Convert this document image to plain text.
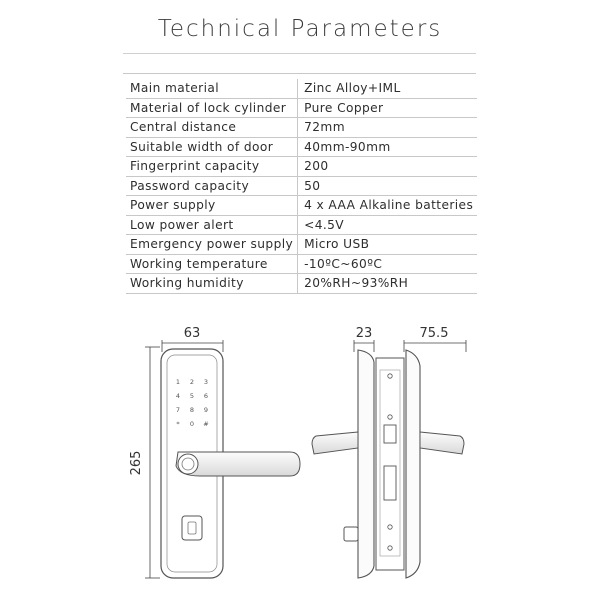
Technical Parameters
Main material	Zinc Alloy+IML
Material of lock cylinder	Pure Copper
Central distance	72mm
Suitable width of door	40mm-90mm
Fingerprint capacity	200
Password capacity	50
Power supply	4 x AAA Alkaline batteries
Low power alert	<4.5V
Emergency power supply	Micro USB
Working temperature	-10ºC~60ºC
Working humidity	20%RH~93%RH
63
265
1 2 3
4 5 6
7 8 9
* 0 #
23	75.5
